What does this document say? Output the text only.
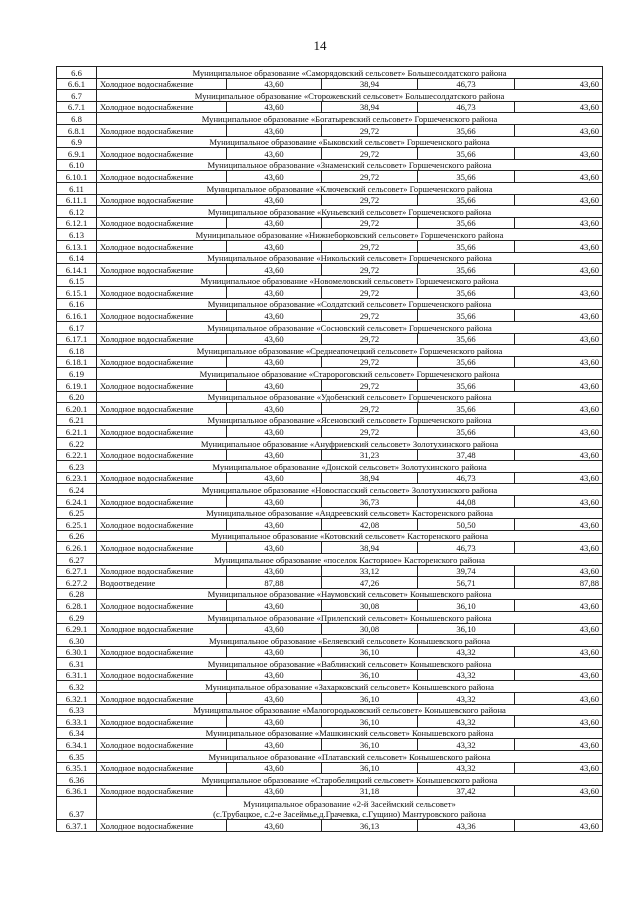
14
6.6	Муниципальное образование «Саморядовский сельсовет» Большесолдатского района				
6.6.1	Холодное водоснабжение	43,60	38,94	46,73	43,60
6.7	Муниципальное образование «Сторожевский сельсовет» Большесолдатского района				
6.7.1	Холодное водоснабжение	43,60	38,94	46,73	43,60
6.8	Муниципальное образование «Богатыревский сельсовет» Горшеченского района				
6.8.1	Холодное водоснабжение	43,60	29,72	35,66	43,60
6.9	Муниципальное образование «Быковский сельсовет» Горшеченского района				
6.9.1	Холодное водоснабжение	43,60	29,72	35,66	43,60
6.10	Муниципальное образование «Знаменский сельсовет» Горшеченского района				
6.10.1	Холодное водоснабжение	43,60	29,72	35,66	43,60
6.11	Муниципальное образование «Ключевский сельсовет» Горшеченского района				
6.11.1	Холодное водоснабжение	43,60	29,72	35,66	43,60
6.12	Муниципальное образование «Куньевский сельсовет» Горшеченского района				
6.12.1	Холодное водоснабжение	43,60	29,72	35,66	43,60
6.13	Муниципальное образование «Нижнеборковский сельсовет» Горшеченского района				
6.13.1	Холодное водоснабжение	43,60	29,72	35,66	43,60
6.14	Муниципальное образование «Никольский сельсовет» Горшеченского района				
6.14.1	Холодное водоснабжение	43,60	29,72	35,66	43,60
6.15	Муниципальное образование «Новомеловский сельсовет» Горшеченского района				
6.15.1	Холодное водоснабжение	43,60	29,72	35,66	43,60
6.16	Муниципальное образование «Солдатский сельсовет» Горшеченского района				
6.16.1	Холодное водоснабжение	43,60	29,72	35,66	43,60
6.17	Муниципальное образование «Сосновский сельсовет» Горшеченского района				
6.17.1	Холодное водоснабжение	43,60	29,72	35,66	43,60
6.18	Муниципальное образование «Среднеапочецкий сельсовет» Горшеченского района				
6.18.1	Холодное водоснабжение	43,60	29,72	35,66	43,60
6.19	Муниципальное образование «Старороговский сельсовет» Горшеченского района				
6.19.1	Холодное водоснабжение	43,60	29,72	35,66	43,60
6.20	Муниципальное образование «Удобенский сельсовет» Горшеченского района				
6.20.1	Холодное водоснабжение	43,60	29,72	35,66	43,60
6.21	Муниципальное образование «Ясеновский сельсовет» Горшеченского района				
6.21.1	Холодное водоснабжение	43,60	29,72	35,66	43,60
6.22	Муниципальное образование «Ануфриевский сельсовет» Золотухинского района				
6.22.1	Холодное водоснабжение	43,60	31,23	37,48	43,60
6.23	Муниципальное образование «Донской сельсовет» Золотухинского района				
6.23.1	Холодное водоснабжение	43,60	38,94	46,73	43,60
6.24	Муниципальное образование «Новоспасский сельсовет» Золотухинского района				
6.24.1	Холодное водоснабжение	43,60	36,73	44,08	43,60
6.25	Муниципальное образование «Андреевский сельсовет» Касторенского района				
6.25.1	Холодное водоснабжение	43,60	42,08	50,50	43,60
6.26	Муниципальное образование «Котовский сельсовет» Касторенского района				
6.26.1	Холодное водоснабжение	43,60	38,94	46,73	43,60
6.27	Муниципальное образование «поселок Касторное» Касторенского района				
6.27.1	Холодное водоснабжение	43,60	33,12	39,74	43,60
6.27.2	Водоотведение	87,88	47,26	56,71	87,88
6.28	Муниципальное образование «Наумовский сельсовет» Конышевского района				
6.28.1	Холодное водоснабжение	43,60	30,08	36,10	43,60
6.29	Муниципальное образование «Прилепский сельсовет» Конышевского района				
6.29.1	Холодное водоснабжение	43,60	30,08	36,10	43,60
6.30	Муниципальное образование «Беляевский сельсовет» Конышевского района				
6.30.1	Холодное водоснабжение	43,60	36,10	43,32	43,60
6.31	Муниципальное образование «Ваблинский сельсовет» Конышевского района				
6.31.1	Холодное водоснабжение	43,60	36,10	43,32	43,60
6.32	Муниципальное образование «Захарковский сельсовет» Конышевского района				
6.32.1	Холодное водоснабжение	43,60	36,10	43,32	43,60
6.33	Муниципальное образование «Малогородьковский сельсовет» Конышевского района				
6.33.1	Холодное водоснабжение	43,60	36,10	43,32	43,60
6.34	Муниципальное образование «Машкинский сельсовет» Конышевского района				
6.34.1	Холодное водоснабжение	43,60	36,10	43,32	43,60
6.35	Муниципальное образование «Платавский сельсовет» Конышевского района				
6.35.1	Холодное водоснабжение	43,60	36,10	43,32	43,60
6.36	Муниципальное образование «Старобелицкий сельсовет» Конышевского района				
6.36.1	Холодное водоснабжение	43,60	31,18	37,42	43,60
6.37	Муниципальное образование «2-й Засеймский сельсовет»
(с.Трубацкое, с.2-е Засеймье,д.Грачевка, с.Гущино) Мантуровского района				

6.37.1	Холодное водоснабжение	43,60	36,13	43,36	43,60
